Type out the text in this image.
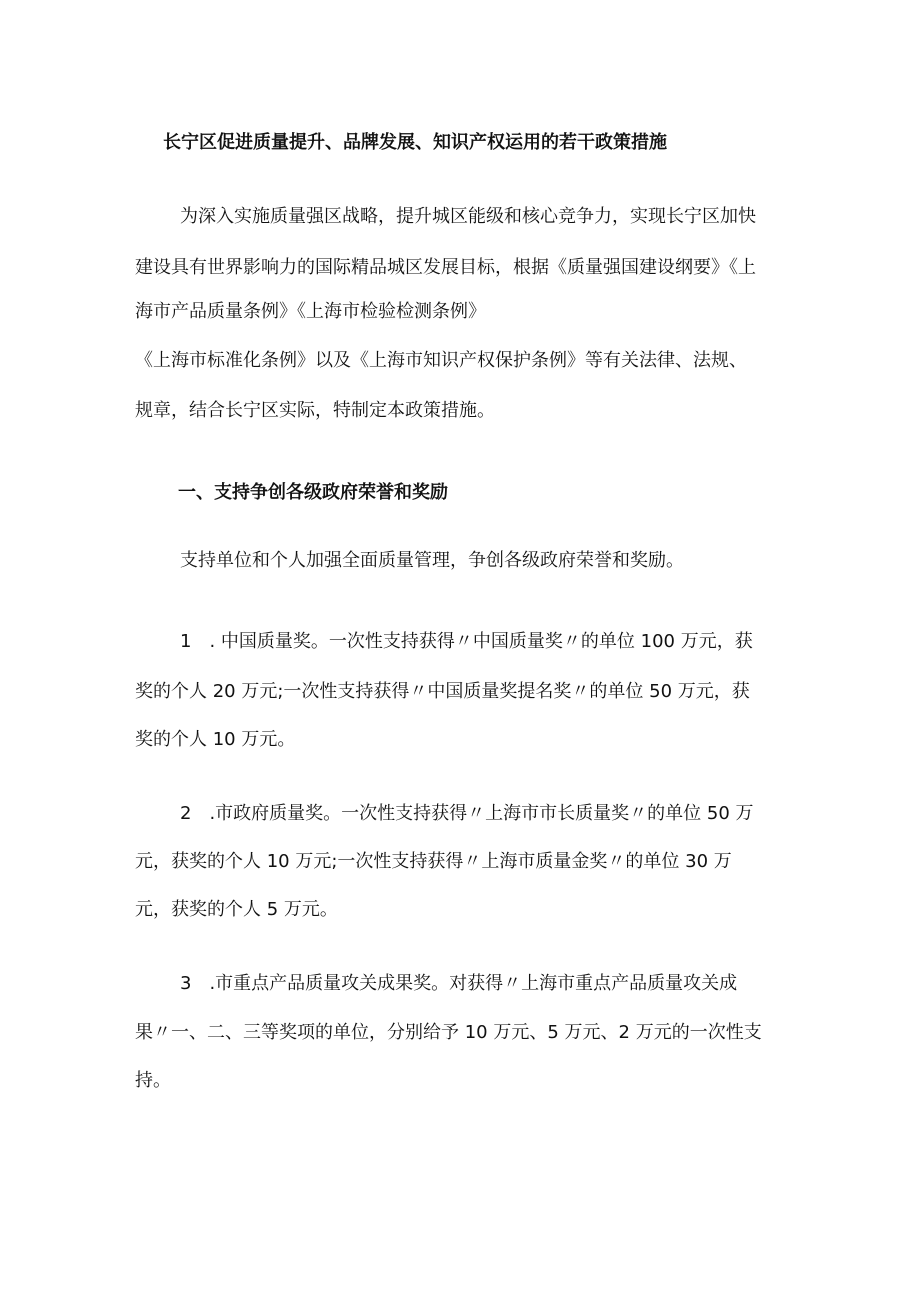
长宁区促进质量提升、品牌发展、知识产权运用的若干政策措施
为深入实施质量强区战略，提升城区能级和核心竞争力，实现长宁区加快
建设具有世界影响力的国际精品城区发展目标，根据《质量强国建设纲要》《上
海市产品质量条例》《上海市检验检测条例》
《上海市标准化条例》以及《上海市知识产权保护条例》等有关法律、法规、
规章，结合长宁区实际，特制定本政策措施。
一、支持争创各级政府荣誉和奖励
支持单位和个人加强全面质量管理，争创各级政府荣誉和奖励。
1　. 中国质量奖。一次性支持获得〃中国质量奖〃的单位 100 万元，获
奖的个人 20 万元;一次性支持获得〃中国质量奖提名奖〃的单位 50 万元，获
奖的个人 10 万元。
2　.市政府质量奖。一次性支持获得〃上海市市长质量奖〃的单位 50 万
元，获奖的个人 10 万元;一次性支持获得〃上海市质量金奖〃的单位 30 万
元，获奖的个人 5 万元。
3　.市重点产品质量攻关成果奖。对获得〃上海市重点产品质量攻关成
果〃一、二、三等奖项的单位，分别给予 10 万元、5 万元、2 万元的一次性支
持。
